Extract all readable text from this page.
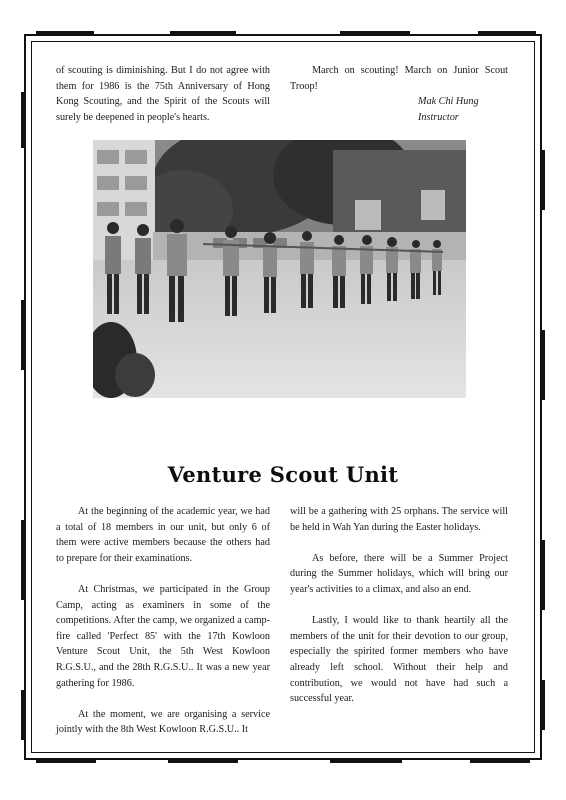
of scouting is diminishing. But I do not agree with them for 1986 is the 75th Anniversary of Hong Kong Scouting, and the Spirit of the Scouts will surely be deepened in people's hearts.

March on scouting! March on Junior Scout Troop!

Mak Chi Hung

Instructor

Venture Scout Unit

At the beginning of the academic year, we had a total of 18 members in our unit, but only 6 of them were active members because the others had to prepare for their examinations.

At Christmas, we participated in the Group Camp, acting as examiners in some of the competitions. After the camp, we organized a camp-fire called 'Perfect 85' with the 17th Kowloon Venture Scout Unit, the 5th West Kowloon R.G.S.U., and the 28th R.G.S.U.. It was a new year gathering for 1986.

At the moment, we are organising a service jointly with the 8th West Kowloon R.G.S.U.. It

will be a gathering with 25 orphans. The service will be held in Wah Yan during the Easter holidays.

As before, there will be a Summer Project during the Summer holidays, which will bring our year's activities to a climax, and also an end.

Lastly, I would like to thank heartily all the members of the unit for their devotion to our group, especially the spirited former members who have already left school. Without their help and contribution, we would not have had such a successful year.
